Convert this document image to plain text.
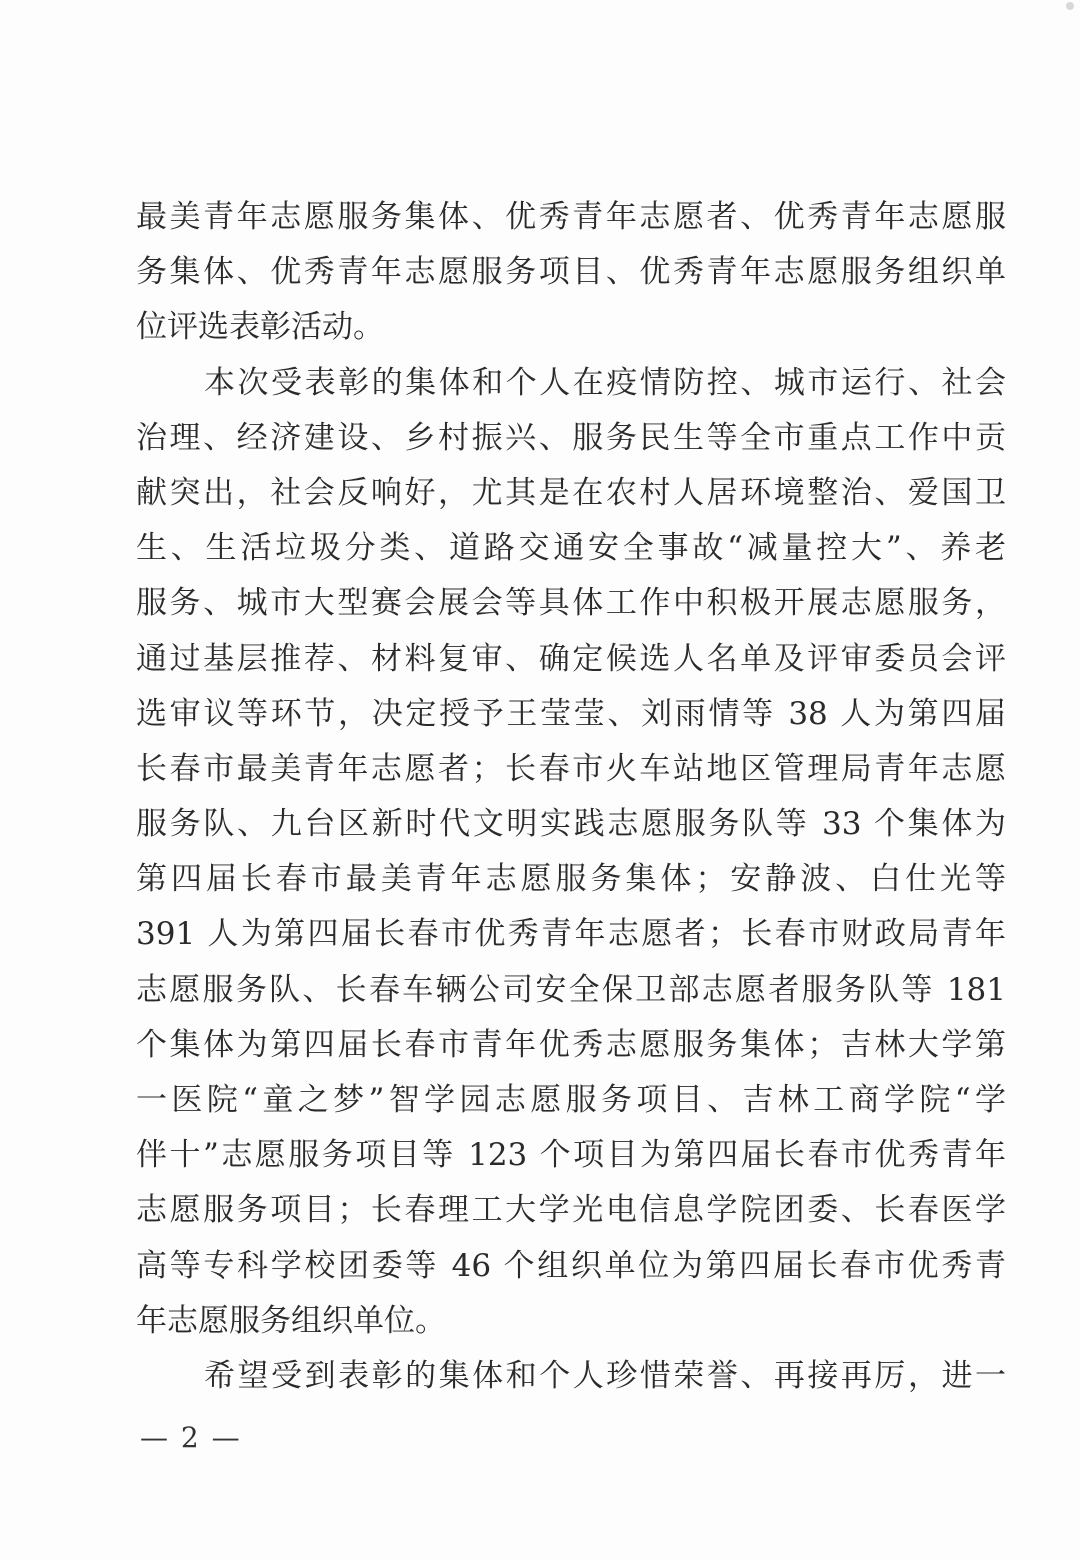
最美青年志愿服务集体、优秀青年志愿者、优秀青年志愿服
务集体、优秀青年志愿服务项目、优秀青年志愿服务组织单
位评选表彰活动。
本次受表彰的集体和个人在疫情防控、城市运行、社会
治理、经济建设、乡村振兴、服务民生等全市重点工作中贡
献突出，社会反响好，尤其是在农村人居环境整治、爱国卫
生、生活垃圾分类、道路交通安全事故“减量控大”、养老
服务、城市大型赛会展会等具体工作中积极开展志愿服务，
通过基层推荐、材料复审、确定候选人名单及评审委员会评
选审议等环节，决定授予王莹莹、刘雨情等 38 人为第四届
长春市最美青年志愿者；长春市火车站地区管理局青年志愿
服务队、九台区新时代文明实践志愿服务队等 33 个集体为
第四届长春市最美青年志愿服务集体；安静波、白仕光等
391 人为第四届长春市优秀青年志愿者；长春市财政局青年
志愿服务队、长春车辆公司安全保卫部志愿者服务队等 181
个集体为第四届长春市青年优秀志愿服务集体；吉林大学第
一医院“童之梦”智学园志愿服务项目、吉林工商学院“学
伴十”志愿服务项目等 123 个项目为第四届长春市优秀青年
志愿服务项目；长春理工大学光电信息学院团委、长春医学
高等专科学校团委等 46 个组织单位为第四届长春市优秀青
年志愿服务组织单位。
希望受到表彰的集体和个人珍惜荣誉、再接再厉，进一
— 2 —
